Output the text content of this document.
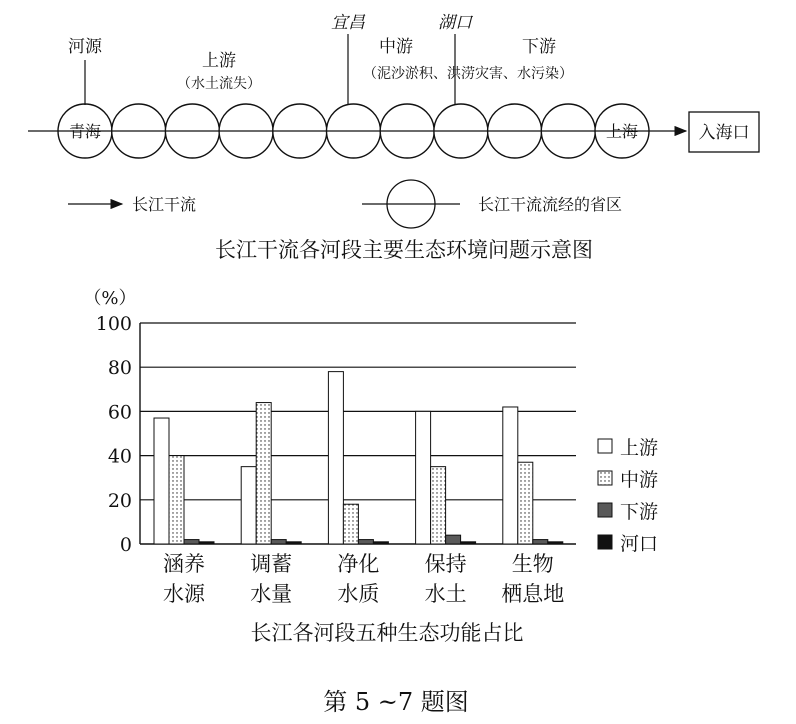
青海	上海
河源
宜昌	湖口
上游
（水土流失）
中游
（泥沙淤积、洪涝灾害、水污染）
下游
入海口
长江干流	长江干流流经的省区
长江干流各河段主要生态环境问题示意图
（%）
0
20
40
60
80
100
涵养
水源
调蓄
水量
净化
水质
保持
水土
生物
栖息地
上游
中游
下游
河口
长江各河段五种生态功能占比
第 5 ~7 题图
